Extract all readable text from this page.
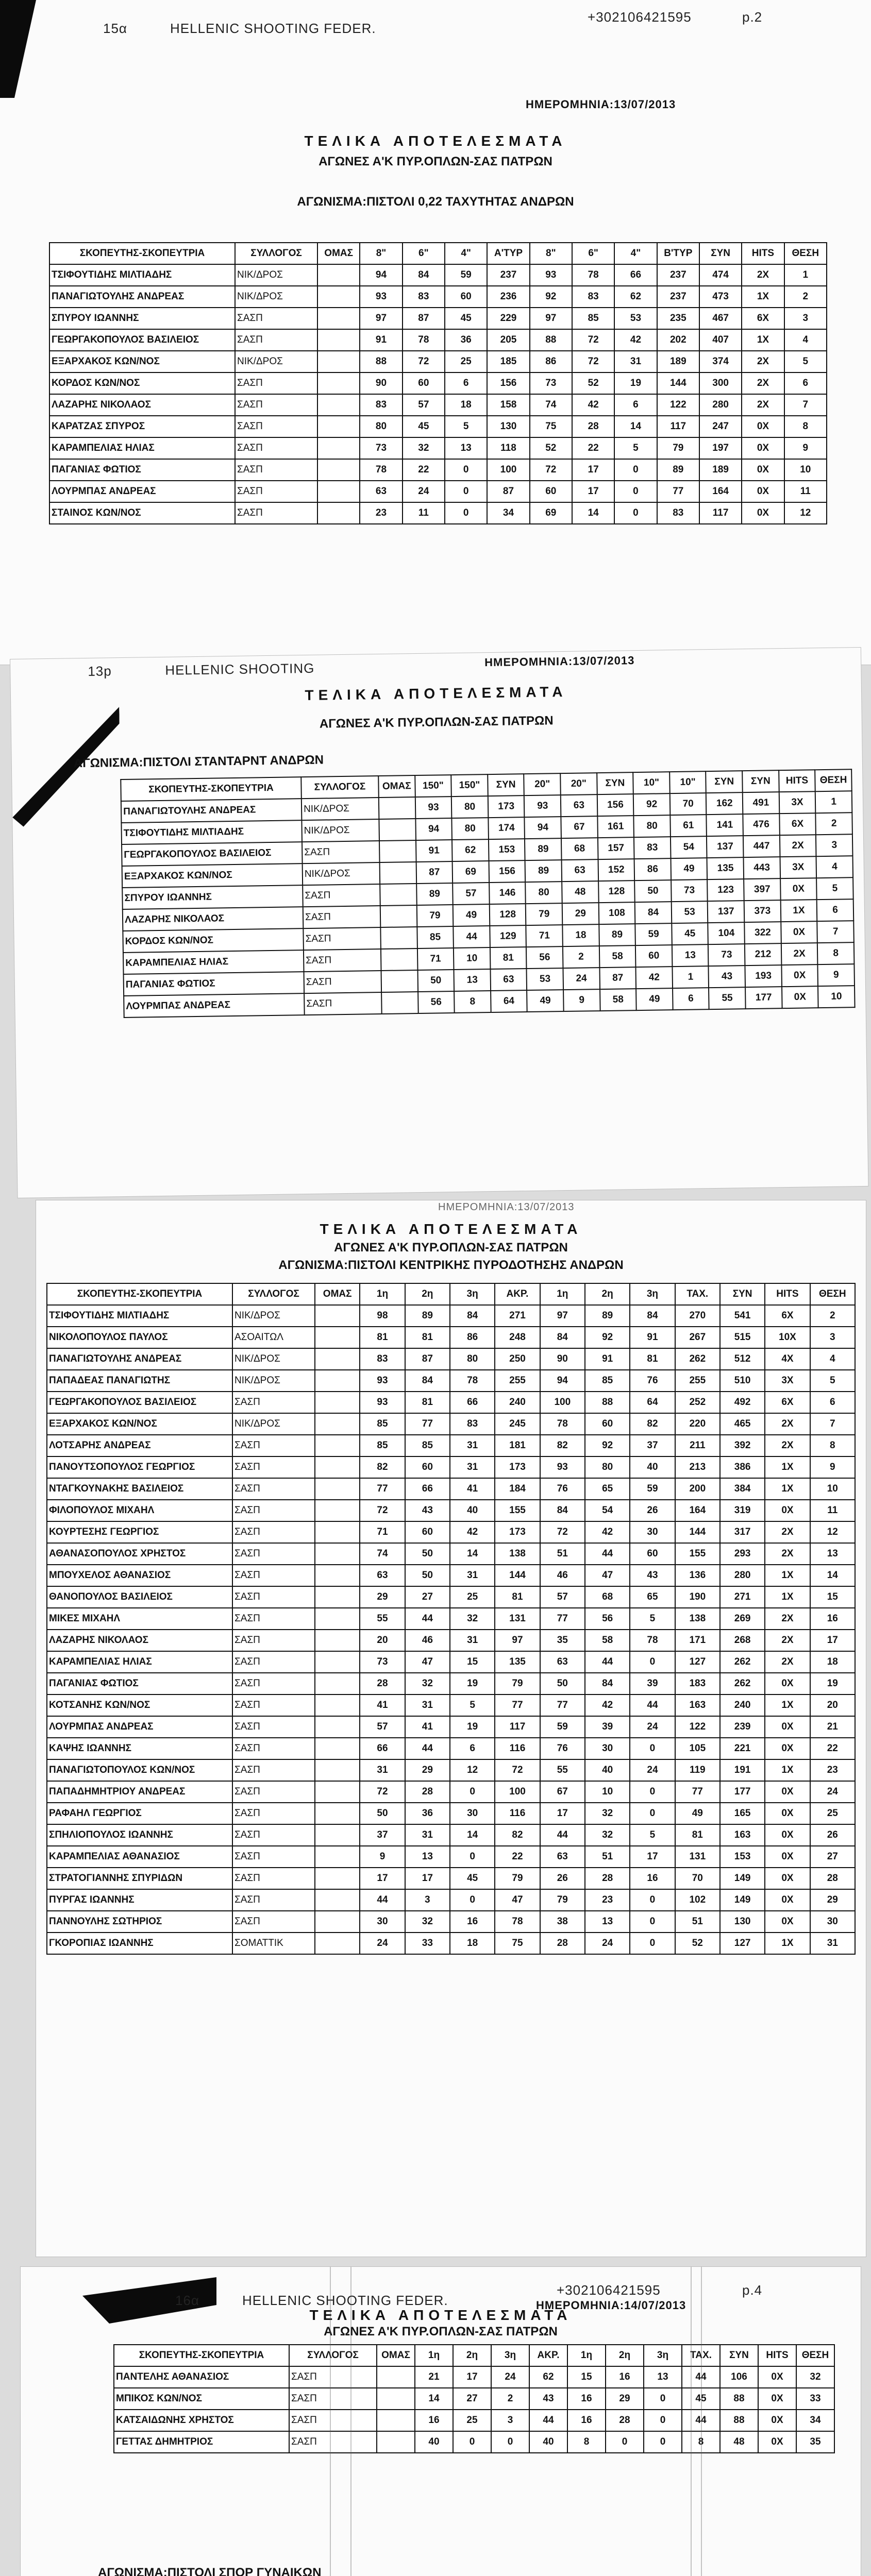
15α	HELLENIC SHOOTING FEDER.
+302106421595	p.2
ΗΜΕΡΟΜΗΝΙΑ:13/07/2013
ΤΕΛΙΚΑ ΑΠΟΤΕΛΕΣΜΑΤΑ
ΑΓΩΝΕΣ Α'Κ ΠΥΡ.ΟΠΛΩΝ-ΣΑΣ ΠΑΤΡΩΝ
ΑΓΩΝΙΣΜΑ:ΠΙΣΤΟΛΙ 0,22 ΤΑΧΥΤΗΤΑΣ ΑΝΔΡΩΝ
ΣΚΟΠΕΥΤΗΣ-ΣΚΟΠΕΥΤΡΙΑ	ΣΥΛΛΟΓΟΣ	ΟΜΑΣ	8"	6"	4"	Α'ΤΥΡ	8"	6"	4"	Β'ΤΥΡ	ΣΥΝ	HITS	ΘΕΣΗ
ΤΣΙΦΟΥΤΙΔΗΣ ΜΙΛΤΙΑΔΗΣ	ΝΙΚ/ΔΡΟΣ		94	84	59	237	93	78	66	237	474	2X	1
ΠΑΝΑΓΙΩΤΟΥΛΗΣ ΑΝΔΡΕΑΣ	ΝΙΚ/ΔΡΟΣ		93	83	60	236	92	83	62	237	473	1X	2
ΣΠΥΡΟΥ ΙΩΑΝΝΗΣ	ΣΑΣΠ		97	87	45	229	97	85	53	235	467	6X	3
ΓΕΩΡΓΑΚΟΠΟΥΛΟΣ ΒΑΣΙΛΕΙΟΣ	ΣΑΣΠ		91	78	36	205	88	72	42	202	407	1X	4
ΕΞΑΡΧΑΚΟΣ ΚΩΝ/ΝΟΣ	ΝΙΚ/ΔΡΟΣ		88	72	25	185	86	72	31	189	374	2X	5
ΚΟΡΔΟΣ ΚΩΝ/ΝΟΣ	ΣΑΣΠ		90	60	6	156	73	52	19	144	300	2X	6
ΛΑΖΑΡΗΣ ΝΙΚΟΛΑΟΣ	ΣΑΣΠ		83	57	18	158	74	42	6	122	280	2X	7
ΚΑΡΑΤΖΑΣ ΣΠΥΡΟΣ	ΣΑΣΠ		80	45	5	130	75	28	14	117	247	0X	8
ΚΑΡΑΜΠΕΛΙΑΣ ΗΛΙΑΣ	ΣΑΣΠ		73	32	13	118	52	22	5	79	197	0X	9
ΠΑΓΑΝΙΑΣ ΦΩΤΙΟΣ	ΣΑΣΠ		78	22	0	100	72	17	0	89	189	0X	10
ΛΟΥΡΜΠΑΣ ΑΝΔΡΕΑΣ	ΣΑΣΠ		63	24	0	87	60	17	0	77	164	0X	11
ΣΤΑΙΝΟΣ ΚΩΝ/ΝΟΣ	ΣΑΣΠ		23	11	0	34	69	14	0	83	117	0X	12
13p	HELLENIC SHOOTING	ΗΜΕΡΟΜΗΝΙΑ:13/07/2013
ΤΕΛΙΚΑ ΑΠΟΤΕΛΕΣΜΑΤΑ
ΑΓΩΝΕΣ Α'Κ ΠΥΡ.ΟΠΛΩΝ-ΣΑΣ ΠΑΤΡΩΝ
ΑΓΩΝΙΣΜΑ:ΠΙΣΤΟΛΙ ΣΤΑΝΤΑΡΝΤ ΑΝΔΡΩΝ
ΣΚΟΠΕΥΤΗΣ-ΣΚΟΠΕΥΤΡΙΑ	ΣΥΛΛΟΓΟΣ	ΟΜΑΣ	150"	150"	ΣΥΝ	20"	20"	ΣΥΝ	10"	10"	ΣΥΝ	ΣΥΝ	HITS	ΘΕΣΗ
ΠΑΝΑΓΙΩΤΟΥΛΗΣ ΑΝΔΡΕΑΣ	ΝΙΚ/ΔΡΟΣ		93	80	173	93	63	156	92	70	162	491	3X	1
ΤΣΙΦΟΥΤΙΔΗΣ ΜΙΛΤΙΑΔΗΣ	ΝΙΚ/ΔΡΟΣ		94	80	174	94	67	161	80	61	141	476	6X	2
ΓΕΩΡΓΑΚΟΠΟΥΛΟΣ ΒΑΣΙΛΕΙΟΣ	ΣΑΣΠ		91	62	153	89	68	157	83	54	137	447	2X	3
ΕΞΑΡΧΑΚΟΣ ΚΩΝ/ΝΟΣ	ΝΙΚ/ΔΡΟΣ		87	69	156	89	63	152	86	49	135	443	3X	4
ΣΠΥΡΟΥ ΙΩΑΝΝΗΣ	ΣΑΣΠ		89	57	146	80	48	128	50	73	123	397	0X	5
ΛΑΖΑΡΗΣ ΝΙΚΟΛΑΟΣ	ΣΑΣΠ		79	49	128	79	29	108	84	53	137	373	1X	6
ΚΟΡΔΟΣ ΚΩΝ/ΝΟΣ	ΣΑΣΠ		85	44	129	71	18	89	59	45	104	322	0X	7
ΚΑΡΑΜΠΕΛΙΑΣ ΗΛΙΑΣ	ΣΑΣΠ		71	10	81	56	2	58	60	13	73	212	2X	8
ΠΑΓΑΝΙΑΣ ΦΩΤΙΟΣ	ΣΑΣΠ		50	13	63	53	24	87	42	1	43	193	0X	9
ΛΟΥΡΜΠΑΣ ΑΝΔΡΕΑΣ	ΣΑΣΠ		56	8	64	49	9	58	49	6	55	177	0X	10
ΗΜΕΡΟΜΗΝΙΑ:13/07/2013
ΤΕΛΙΚΑ ΑΠΟΤΕΛΕΣΜΑΤΑ
ΑΓΩΝΕΣ Α'Κ ΠΥΡ.ΟΠΛΩΝ-ΣΑΣ ΠΑΤΡΩΝ
ΑΓΩΝΙΣΜΑ:ΠΙΣΤΟΛΙ ΚΕΝΤΡΙΚΗΣ ΠΥΡΟΔΟΤΗΣΗΣ ΑΝΔΡΩΝ
ΣΚΟΠΕΥΤΗΣ-ΣΚΟΠΕΥΤΡΙΑ	ΣΥΛΛΟΓΟΣ	ΟΜΑΣ	1η	2η	3η	ΑΚΡ.	1η	2η	3η	ΤΑΧ.	ΣΥΝ	HITS	ΘΕΣΗ
ΤΣΙΦΟΥΤΙΔΗΣ ΜΙΛΤΙΑΔΗΣ	ΝΙΚ/ΔΡΟΣ		98	89	84	271	97	89	84	270	541	6X	2
ΝΙΚΟΛΟΠΟΥΛΟΣ ΠΑΥΛΟΣ	ΑΣΟΑΙΤΩΛ		81	81	86	248	84	92	91	267	515	10X	3
ΠΑΝΑΓΙΩΤΟΥΛΗΣ ΑΝΔΡΕΑΣ	ΝΙΚ/ΔΡΟΣ		83	87	80	250	90	91	81	262	512	4X	4
ΠΑΠΑΔΕΑΣ ΠΑΝΑΓΙΩΤΗΣ	ΝΙΚ/ΔΡΟΣ		93	84	78	255	94	85	76	255	510	3X	5
ΓΕΩΡΓΑΚΟΠΟΥΛΟΣ ΒΑΣΙΛΕΙΟΣ	ΣΑΣΠ		93	81	66	240	100	88	64	252	492	6X	6
ΕΞΑΡΧΑΚΟΣ ΚΩΝ/ΝΟΣ	ΝΙΚ/ΔΡΟΣ		85	77	83	245	78	60	82	220	465	2X	7
ΛΟΤΣΑΡΗΣ ΑΝΔΡΕΑΣ	ΣΑΣΠ		85	85	31	181	82	92	37	211	392	2X	8
ΠΑΝΟΥΤΣΟΠΟΥΛΟΣ ΓΕΩΡΓΙΟΣ	ΣΑΣΠ		82	60	31	173	93	80	40	213	386	1X	9
ΝΤΑΓΚΟΥΝΑΚΗΣ ΒΑΣΙΛΕΙΟΣ	ΣΑΣΠ		77	66	41	184	76	65	59	200	384	1X	10
ΦΙΛΟΠΟΥΛΟΣ ΜΙΧΑΗΛ	ΣΑΣΠ		72	43	40	155	84	54	26	164	319	0X	11
ΚΟΥΡΤΕΣΗΣ ΓΕΩΡΓΙΟΣ	ΣΑΣΠ		71	60	42	173	72	42	30	144	317	2X	12
ΑΘΑΝΑΣΟΠΟΥΛΟΣ ΧΡΗΣΤΟΣ	ΣΑΣΠ		74	50	14	138	51	44	60	155	293	2X	13
ΜΠΟΥΧΕΛΟΣ ΑΘΑΝΑΣΙΟΣ	ΣΑΣΠ		63	50	31	144	46	47	43	136	280	1X	14
ΘΑΝΟΠΟΥΛΟΣ ΒΑΣΙΛΕΙΟΣ	ΣΑΣΠ		29	27	25	81	57	68	65	190	271	1X	15
ΜΙΚΕΣ ΜΙΧΑΗΛ	ΣΑΣΠ		55	44	32	131	77	56	5	138	269	2X	16
ΛΑΖΑΡΗΣ ΝΙΚΟΛΑΟΣ	ΣΑΣΠ		20	46	31	97	35	58	78	171	268	2X	17
ΚΑΡΑΜΠΕΛΙΑΣ ΗΛΙΑΣ	ΣΑΣΠ		73	47	15	135	63	44	0	127	262	2X	18
ΠΑΓΑΝΙΑΣ ΦΩΤΙΟΣ	ΣΑΣΠ		28	32	19	79	50	84	39	183	262	0X	19
ΚΟΤΣΑΝΗΣ ΚΩΝ/ΝΟΣ	ΣΑΣΠ		41	31	5	77	77	42	44	163	240	1X	20
ΛΟΥΡΜΠΑΣ ΑΝΔΡΕΑΣ	ΣΑΣΠ		57	41	19	117	59	39	24	122	239	0X	21
ΚΑΨΗΣ ΙΩΑΝΝΗΣ	ΣΑΣΠ		66	44	6	116	76	30	0	105	221	0X	22
ΠΑΝΑΓΙΩΤΟΠΟΥΛΟΣ ΚΩΝ/ΝΟΣ	ΣΑΣΠ		31	29	12	72	55	40	24	119	191	1X	23
ΠΑΠΑΔΗΜΗΤΡΙΟΥ ΑΝΔΡΕΑΣ	ΣΑΣΠ		72	28	0	100	67	10	0	77	177	0X	24
ΡΑΦΑΗΛ ΓΕΩΡΓΙΟΣ	ΣΑΣΠ		50	36	30	116	17	32	0	49	165	0X	25
ΣΠΗΛΙΟΠΟΥΛΟΣ ΙΩΑΝΝΗΣ	ΣΑΣΠ		37	31	14	82	44	32	5	81	163	0X	26
ΚΑΡΑΜΠΕΛΙΑΣ ΑΘΑΝΑΣΙΟΣ	ΣΑΣΠ		9	13	0	22	63	51	17	131	153	0X	27
ΣΤΡΑΤΟΓΙΑΝΝΗΣ ΣΠΥΡΙΔΩΝ	ΣΑΣΠ		17	17	45	79	26	28	16	70	149	0X	28
ΠΥΡΓΑΣ ΙΩΑΝΝΗΣ	ΣΑΣΠ		44	3	0	47	79	23	0	102	149	0X	29
ΠΑΝΝΟΥΛΗΣ ΣΩΤΗΡΙΟΣ	ΣΑΣΠ		30	32	16	78	38	13	0	51	130	0X	30
ΓΚΟΡΟΠΙΑΣ ΙΩΑΝΝΗΣ	ΣΟΜΑΤΤΙΚ		24	33	18	75	28	24	0	52	127	1X	31
16α	HELLENIC SHOOTING FEDER.
+302106421595	p.4
ΤΕΛΙΚΑ ΑΠΟΤΕΛΕΣΜΑΤΑ
ΗΜΕΡΟΜΗΝΙΑ:14/07/2013
ΑΓΩΝΕΣ Α'Κ ΠΥΡ.ΟΠΛΩΝ-ΣΑΣ ΠΑΤΡΩΝ
ΣΚΟΠΕΥΤΗΣ-ΣΚΟΠΕΥΤΡΙΑ	ΣΥΛΛΟΓΟΣ	ΟΜΑΣ	1η	2η	3η	ΑΚΡ.	1η	2η	3η	ΤΑΧ.	ΣΥΝ	HITS	ΘΕΣΗ
ΠΑΝΤΕΛΗΣ ΑΘΑΝΑΣΙΟΣ	ΣΑΣΠ		21	17	24	62	15	16	13	44	106	0X	32
ΜΠΙΚΟΣ ΚΩΝ/ΝΟΣ	ΣΑΣΠ		14	27	2	43	16	29	0	45	88	0X	33
ΚΑΤΣΑΙΔΩΝΗΣ ΧΡΗΣΤΟΣ	ΣΑΣΠ		16	25	3	44	16	28	0	44	88	0X	34
ΓΕΤΤΑΣ ΔΗΜΗΤΡΙΟΣ	ΣΑΣΠ		40	0	0	40	8	0	0	8	48	0X	35
ΑΓΩΝΙΣΜΑ:ΠΙΣΤΟΛΙ ΣΠΟΡ ΓΥΝΑΙΚΩΝ
